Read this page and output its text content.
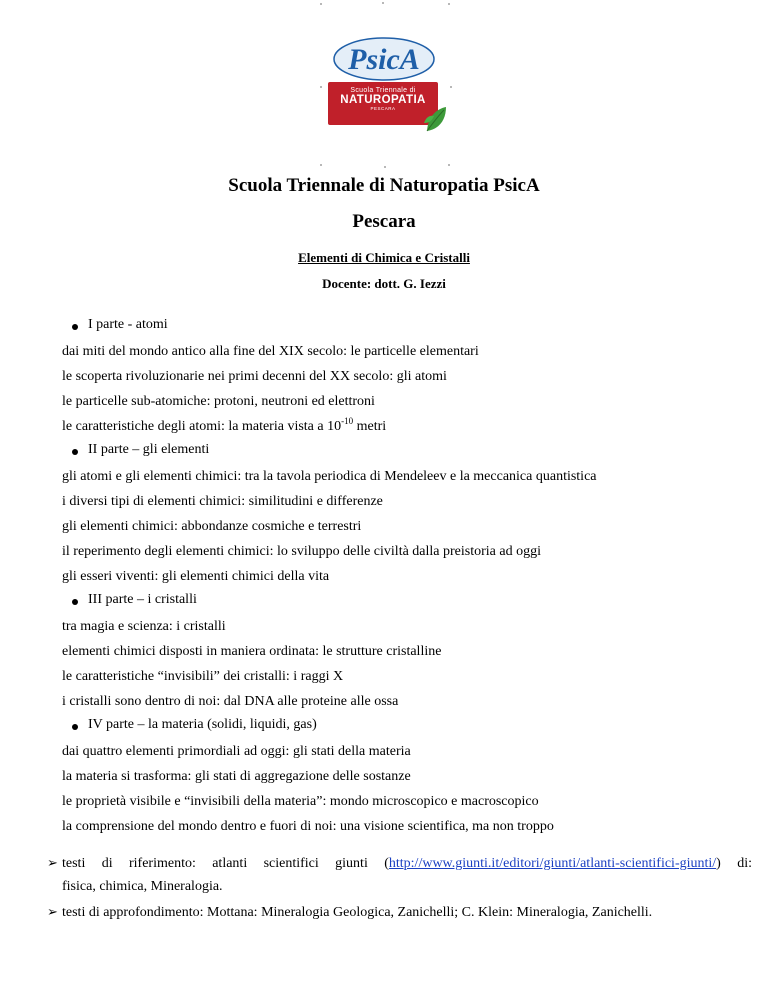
PsicA
Scuola Triennale di
NATUROPATIA
PESCARA
Scuola Triennale di Naturopatia PsicA
Pescara
Elementi di Chimica e Cristalli
Docente: dott. G. Iezzi
I parte - atomi
dai miti del mondo antico alla fine del XIX secolo: le particelle elementari
le scoperta rivoluzionarie nei primi decenni del XX secolo: gli atomi
le particelle sub-atomiche: protoni, neutroni ed elettroni
le caratteristiche degli atomi: la materia vista a $10^{-10}$ metri
II parte – gli elementi
gli atomi e gli elementi chimici: tra la tavola periodica di Mendeleev e la meccanica quantistica
i diversi tipi di elementi chimici: similitudini e differenze
gli elementi chimici: abbondanze cosmiche e terrestri
il reperimento degli elementi chimici: lo sviluppo delle civiltà dalla preistoria ad oggi
gli esseri viventi: gli elementi chimici della vita
III parte – i cristalli
tra magia e scienza: i cristalli
elementi chimici disposti in maniera ordinata: le strutture cristalline
le caratteristiche “invisibili” dei cristalli: i raggi X
i cristalli sono dentro di noi: dal DNA alle proteine alle ossa
IV parte – la materia (solidi, liquidi, gas)
dai quattro elementi primordiali ad oggi: gli stati della materia
la materia si trasforma: gli stati di aggregazione delle sostanze
le proprietà visibile e “invisibili della materia”: mondo microscopico e macroscopico
la comprensione del mondo dentro e fuori di noi: una visione scientifica, ma non troppo
➢ testi di riferimento: atlanti scientifici giunti (http://www.giunti.it/editori/giunti/atlanti-scientifici-giunti/) di:
fisica, chimica, Mineralogia.
➢ testi di approfondimento: Mottana: Mineralogia Geologica, Zanichelli; C. Klein: Mineralogia, Zanichelli.
